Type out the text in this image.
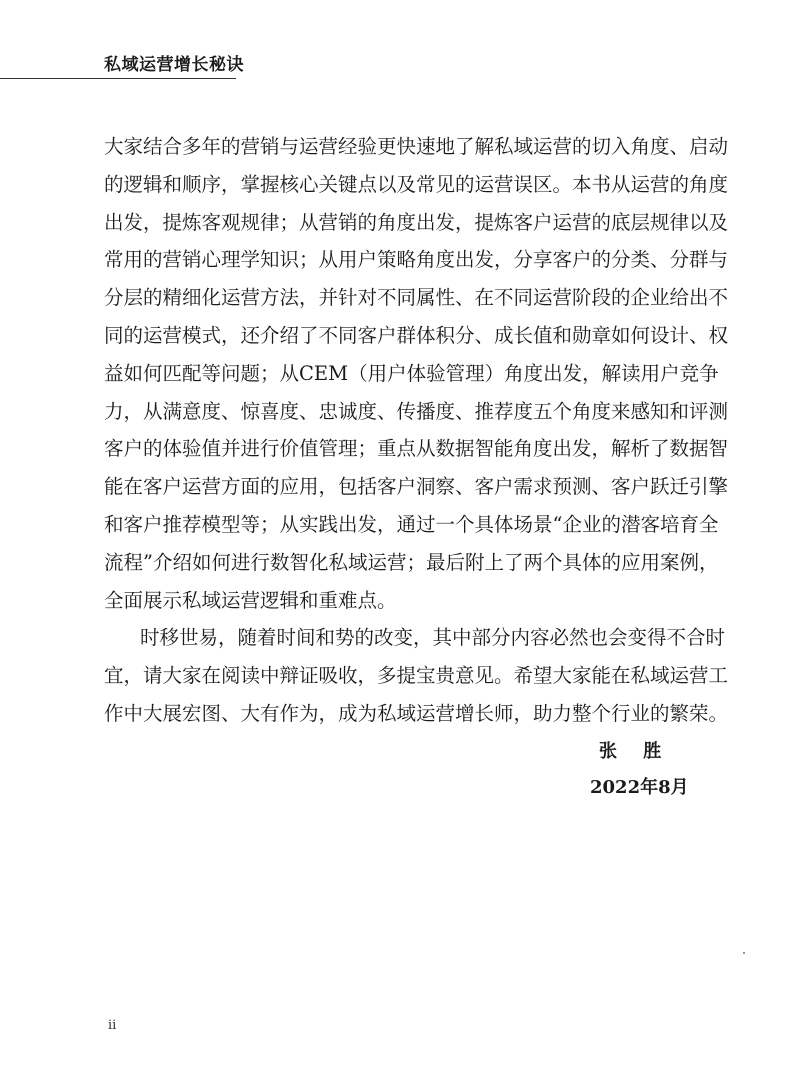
私域运营增长秘诀
大家结合多年的营销与运营经验更快速地了解私域运营的切入角度、启动
的逻辑和顺序，掌握核心关键点以及常见的运营误区。本书从运营的角度
出发，提炼客观规律；从营销的角度出发，提炼客户运营的底层规律以及
常用的营销心理学知识；从用户策略角度出发，分享客户的分类、分群与
分层的精细化运营方法，并针对不同属性、在不同运营阶段的企业给出不
同的运营模式，还介绍了不同客户群体积分、成长值和勋章如何设计、权
益如何匹配等问题；从CEM（用户体验管理）角度出发，解读用户竞争
力，从满意度、惊喜度、忠诚度、传播度、推荐度五个角度来感知和评测
客户的体验值并进行价值管理；重点从数据智能角度出发，解析了数据智
能在客户运营方面的应用，包括客户洞察、客户需求预测、客户跃迁引擎
和客户推荐模型等；从实践出发，通过一个具体场景“企业的潜客培育全
流程”介绍如何进行数智化私域运营；最后附上了两个具体的应用案例，
全面展示私域运营逻辑和重难点。
时移世易，随着时间和势的改变，其中部分内容必然也会变得不合时
宜，请大家在阅读中辩证吸收，多提宝贵意见。希望大家能在私域运营工
作中大展宏图、大有作为，成为私域运营增长师，助力整个行业的繁荣。
张 胜
2022年8月
ii
